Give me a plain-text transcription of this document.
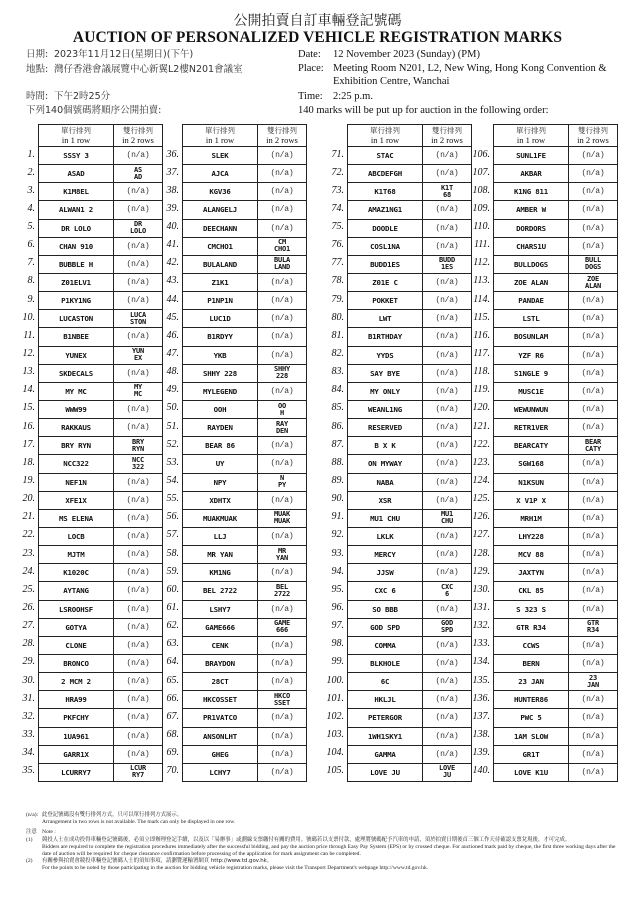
公開拍賣自訂車輛登記號碼
AUCTION OF PERSONALIZED VEHICLE REGISTRATION MARKS
日期: 2023年11月12日(星期日)(下午)
地點: 灣仔香港會議展覽中心新翼L2樓N201會議室
時間: 下午2時25分
下列140個號碼將順序公開拍賣:
Date: 12 November 2023 (Sunday) (PM)
Place: Meeting Room N201, L2, New Wing, Hong Kong Convention & Exhibition Centre, Wanchai
Time: 2:25 p.m.
140 marks will be put up for auction in the following order:

	單行排列
in 1 row	雙行排列
in 2 rows
1.	SSSY 3	(n/a)
2.	ASAD	AS
AD

3.	K1M8EL	(n/a)
4.	ALWAN1 2	(n/a)
5.	DR LOLO	DR
LOLO

6.	CHAN 910	(n/a)
7.	BUBBLE H	(n/a)
8.	Z01ELV1	(n/a)
9.	P1KY1NG	(n/a)
10.	LUCASTON	LUCA
STON

11.	B1NBEE	(n/a)
12.	YUNEX	YUN
EX

13.	SKDECALS	(n/a)
14.	MY MC	MY
MC

15.	WWW99	(n/a)
16.	RAKKAUS	(n/a)
17.	BRY RYN	BRY
RYN

18.	NCC322	NCC
322

19.	NEF1N	(n/a)
20.	XFE1X	(n/a)
21.	MS ELENA	(n/a)
22.	LOCB	(n/a)
23.	MJTM	(n/a)
24.	K1020C	(n/a)
25.	AYTANG	(n/a)
26.	LSROOHSF	(n/a)
27.	GOTYA	(n/a)
28.	CLONE	(n/a)
29.	BRONCO	(n/a)
30.	2 MCM 2	(n/a)
31.	HRA99	(n/a)
32.	PKFCHY	(n/a)
33.	1UA961	(n/a)
34.	GARR1X	(n/a)
35.	LCURRY7	LCUR
RY7

	單行排列
in 1 row	雙行排列
in 2 rows
36.	SLEK	(n/a)
37.	AJCA	(n/a)
38.	KGV36	(n/a)
39.	ALANGELJ	(n/a)
40.	DEECHANN	(n/a)
41.	CMCHO1	CM
CHO1

42.	BULALAND	BULA
LAND

43.	Z1K1	(n/a)
44.	P1NP1N	(n/a)
45.	LUC1D	(n/a)
46.	B1RDYY	(n/a)
47.	YKB	(n/a)
48.	SHHY 228	SHHY
228

49.	MYLEGEND	(n/a)
50.	OOH	OO
H

51.	RAYDEN	RAY
DEN

52.	BEAR 86	(n/a)
53.	UY	(n/a)
54.	NPY	N
PY

55.	XDHTX	(n/a)
56.	MUAKMUAK	MUAK
MUAK

57.	LLJ	(n/a)
58.	MR YAN	MR
YAN

59.	KM1NG	(n/a)
60.	BEL 2722	BEL
2722

61.	LSHY7	(n/a)
62.	GAME666	GAME
666

63.	CENK	(n/a)
64.	BRAYDON	(n/a)
65.	28CT	(n/a)
66.	HKCOSSET	HKCO
SSET

67.	PR1VATCO	(n/a)
68.	ANSONLHT	(n/a)
69.	GHEG	(n/a)
70.	LCHY7	(n/a)

	單行排列
in 1 row	雙行排列
in 2 rows
71.	STAC	(n/a)
72.	ABCDEFGH	(n/a)
73.	K1T68	K1T
68

74.	AMAZ1NG1	(n/a)
75.	DOODLE	(n/a)
76.	COSL1NA	(n/a)
77.	BUDD1ES	BUDD
1ES

78.	Z01E C	(n/a)
79.	POKKET	(n/a)
80.	LWT	(n/a)
81.	B1RTHDAY	(n/a)
82.	YYDS	(n/a)
83.	SAY BYE	(n/a)
84.	MY ONLY	(n/a)
85.	WEANL1NG	(n/a)
86.	RESERVED	(n/a)
87.	B X K	(n/a)
88.	ON MYWAY	(n/a)
89.	NABA	(n/a)
90.	XSR	(n/a)
91.	MU1 CHU	MU1
CHU

92.	LKLK	(n/a)
93.	MERCY	(n/a)
94.	JJSW	(n/a)
95.	CXC 6	CXC
6

96.	SO BBB	(n/a)
97.	GOD SPD	GOD
SPD

98.	COMMA	(n/a)
99.	BLKHOLE	(n/a)
100.	6C	(n/a)
101.	HKLJL	(n/a)
102.	PETERGOR	(n/a)
103.	1WH1SKY1	(n/a)
104.	GAMMA	(n/a)
105.	LOVE JU	LOVE
JU

	單行排列
in 1 row	雙行排列
in 2 rows
106.	SUNL1FE	(n/a)
107.	AKBAR	(n/a)
108.	K1NG 811	(n/a)
109.	AMBER W	(n/a)
110.	DORDORS	(n/a)
111.	CHARS1U	(n/a)
112.	BULLDOGS	BULL
DOGS

113.	ZOE ALAN	ZOE
ALAN

114.	PANDAE	(n/a)
115.	LSTL	(n/a)
116.	BOSUNLAM	(n/a)
117.	YZF R6	(n/a)
118.	S1NGLE 9	(n/a)
119.	MUSC1E	(n/a)
120.	WEWUNWUN	(n/a)
121.	RETR1VER	(n/a)
122.	BEARCATY	BEAR
CATY

123.	SGW168	(n/a)
124.	N1KSUN	(n/a)
125.	X V1P X	(n/a)
126.	MRH1M	(n/a)
127.	LHY228	(n/a)
128.	MCV 88	(n/a)
129.	JAXTYN	(n/a)
130.	CKL 85	(n/a)
131.	S 323 S	(n/a)
132.	GTR R34	GTR
R34

133.	CCWS	(n/a)
134.	BERN	(n/a)
135.	23 JAN	23
JAN

136.	HUNTER86	(n/a)
137.	PWC 5	(n/a)
138.	1AM SLOW	(n/a)
139.	GR1T	(n/a)
140.	LOVE K1U	(n/a)
(n/a): 此登記號碼沒有雙行排列方式，只可以單行排列方式展示。
Arrangement in two rows is not available. The mark can only be displayed in one row.
注意 Note :
(1)	競投人士在成功投得車輛登記號碼後，必須立即辦理登記手續，以及以「易辦事」或劃線支票繳付有關的費用。號碼若以支票付款，處理將號碼配予汽車的申請，須於拍賣日期後首三個工作天待確認支票兌現後，才可完成。
Bidders are required to complete the registration procedures immediately after the successful bidding, and pay the auction price through Easy Pay System (EPS) or by crossed cheque. For auctioned mark paid by cheque, the first three working days after the date of auction will be required for cheque clearance confirmation before processing of the application for mark assignment can be completed.
(2)	有關參與拍賣會競投車輛登記號碼人士的須知事項，請瀏覽運輸署網頁 http://www.td.gov.hk。
For the points to be noted by those participating in the auction for bidding vehicle registration marks, please visit the Transport Department's webpage http://www.td.gov.hk.
